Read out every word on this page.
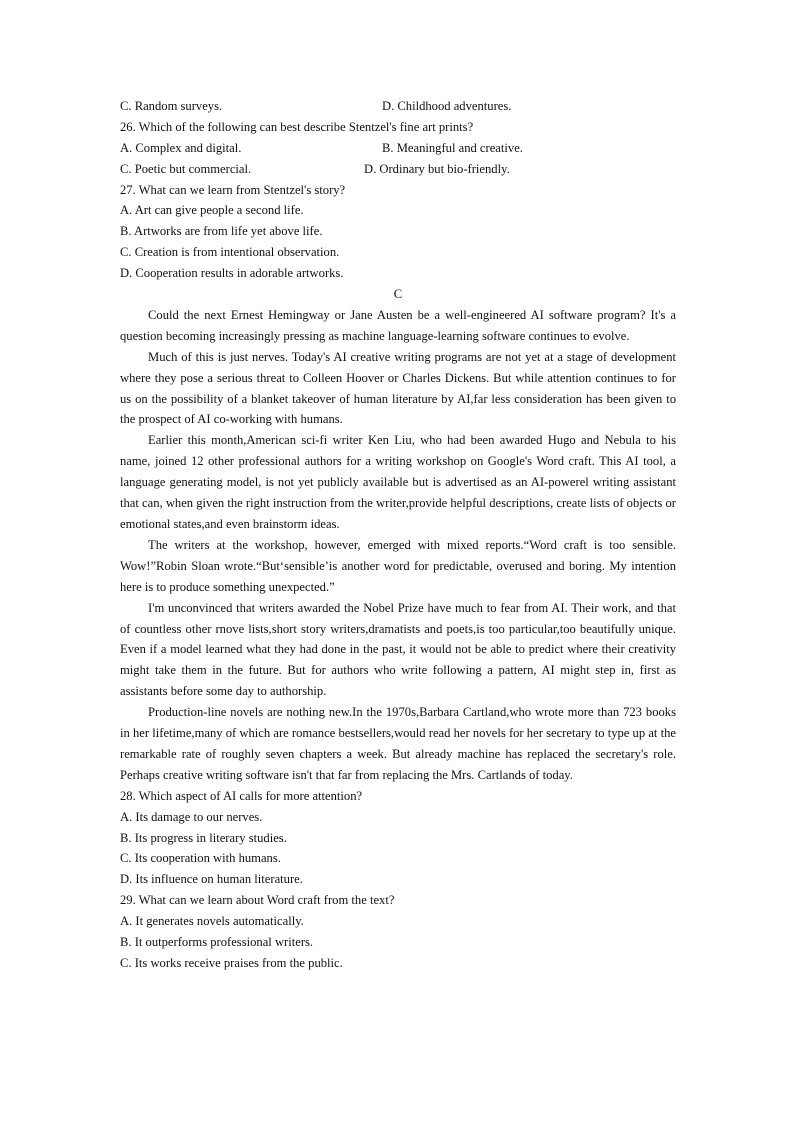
C. Random surveys.	D. Childhood adventures.
26. Which of the following can best describe Stentzel's fine art prints?
A. Complex and digital.	B. Meaningful and creative.
C. Poetic but commercial.	D. Ordinary but bio-friendly.
27. What can we learn from Stentzel's story?
A. Art can give people a second life.
B. Artworks are from life yet above life.
C. Creation is from intentional observation.
D. Cooperation results in adorable artworks.
C

Could the next Ernest Hemingway or Jane Austen be a well-engineered AI software program? It's a question becoming increasingly pressing as machine language-learning software continues to evolve.

Much of this is just nerves. Today's AI creative writing programs are not yet at a stage of development where they pose a serious threat to Colleen Hoover or Charles Dickens. But while attention continues to for us on the possibility of a blanket takeover of human literature by AI,far less consideration has been given to the prospect of AI co-working with humans.

Earlier this month,American sci-fi writer Ken Liu, who had been awarded Hugo and Nebula to his name, joined 12 other professional authors for a writing workshop on Google's Word craft. This AI tool, a language generating model, is not yet publicly available but is advertised as an AI-powerel writing assistant that can, when given the right instruction from the writer,provide helpful descriptions, create lists of objects or emotional states,and even brainstorm ideas.

The writers at the workshop, however, emerged with mixed reports.“Word craft is too sensible. Wow!”Robin Sloan wrote.“But‘sensible’is another word for predictable, overused and boring. My intention here is to produce something unexpected.”

I'm unconvinced that writers awarded the Nobel Prize have much to fear from AI. Their work, and that of countless other rnove lists,short story writers,dramatists and poets,is too particular,too beautifully unique. Even if a model learned what they had done in the past, it would not be able to predict where their creativity might take them in the future. But for authors who write following a pattern, AI might step in, first as assistants before some day to authorship.

Production-line novels are nothing new.In the 1970s,Barbara Cartland,who wrote more than 723 books in her lifetime,many of which are romance bestsellers,would read her novels for her secretary to type up at the remarkable rate of roughly seven chapters a week. But already machine has replaced the secretary's role. Perhaps creative writing software isn't that far from replacing the Mrs. Cartlands of today.

28. Which aspect of AI calls for more attention?
A. Its damage to our nerves.
B. Its progress in literary studies.
C. Its cooperation with humans.
D. Its influence on human literature.
29. What can we learn about Word craft from the text?
A. It generates novels automatically.
B. It outperforms professional writers.
C. Its works receive praises from the public.
